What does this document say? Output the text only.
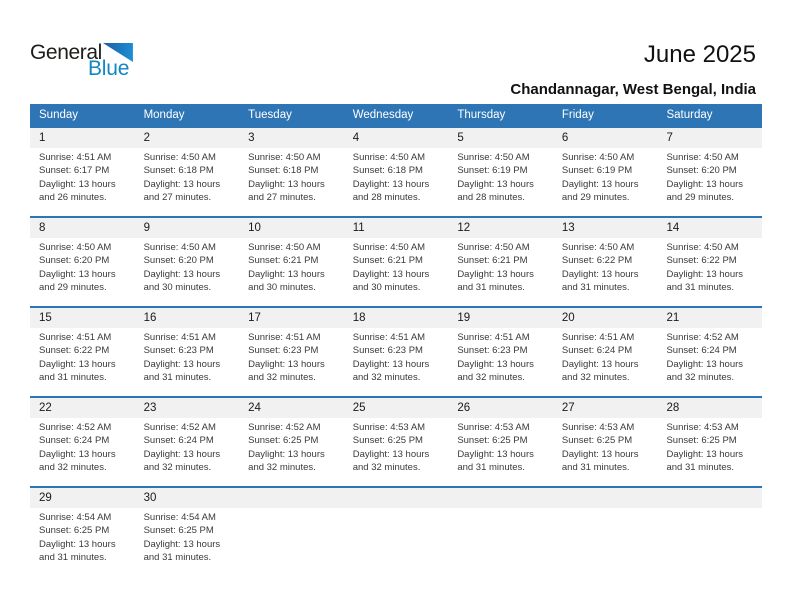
General
Blue
June 2025
Chandannagar, West Bengal, India
Sunday	Monday	Tuesday	Wednesday	Thursday	Friday	Saturday
1	2	3	4	5	6	7
Sunrise: 4:51 AM
Sunset: 6:17 PM
Daylight: 13 hours and 26 minutes.
Sunrise: 4:50 AM
Sunset: 6:18 PM
Daylight: 13 hours and 27 minutes.
Sunrise: 4:50 AM
Sunset: 6:18 PM
Daylight: 13 hours and 27 minutes.
Sunrise: 4:50 AM
Sunset: 6:18 PM
Daylight: 13 hours and 28 minutes.
Sunrise: 4:50 AM
Sunset: 6:19 PM
Daylight: 13 hours and 28 minutes.
Sunrise: 4:50 AM
Sunset: 6:19 PM
Daylight: 13 hours and 29 minutes.
Sunrise: 4:50 AM
Sunset: 6:20 PM
Daylight: 13 hours and 29 minutes.
8	9	10	11	12	13	14
Sunrise: 4:50 AM
Sunset: 6:20 PM
Daylight: 13 hours and 29 minutes.
Sunrise: 4:50 AM
Sunset: 6:20 PM
Daylight: 13 hours and 30 minutes.
Sunrise: 4:50 AM
Sunset: 6:21 PM
Daylight: 13 hours and 30 minutes.
Sunrise: 4:50 AM
Sunset: 6:21 PM
Daylight: 13 hours and 30 minutes.
Sunrise: 4:50 AM
Sunset: 6:21 PM
Daylight: 13 hours and 31 minutes.
Sunrise: 4:50 AM
Sunset: 6:22 PM
Daylight: 13 hours and 31 minutes.
Sunrise: 4:50 AM
Sunset: 6:22 PM
Daylight: 13 hours and 31 minutes.
15	16	17	18	19	20	21
Sunrise: 4:51 AM
Sunset: 6:22 PM
Daylight: 13 hours and 31 minutes.
Sunrise: 4:51 AM
Sunset: 6:23 PM
Daylight: 13 hours and 31 minutes.
Sunrise: 4:51 AM
Sunset: 6:23 PM
Daylight: 13 hours and 32 minutes.
Sunrise: 4:51 AM
Sunset: 6:23 PM
Daylight: 13 hours and 32 minutes.
Sunrise: 4:51 AM
Sunset: 6:23 PM
Daylight: 13 hours and 32 minutes.
Sunrise: 4:51 AM
Sunset: 6:24 PM
Daylight: 13 hours and 32 minutes.
Sunrise: 4:52 AM
Sunset: 6:24 PM
Daylight: 13 hours and 32 minutes.
22	23	24	25	26	27	28
Sunrise: 4:52 AM
Sunset: 6:24 PM
Daylight: 13 hours and 32 minutes.
Sunrise: 4:52 AM
Sunset: 6:24 PM
Daylight: 13 hours and 32 minutes.
Sunrise: 4:52 AM
Sunset: 6:25 PM
Daylight: 13 hours and 32 minutes.
Sunrise: 4:53 AM
Sunset: 6:25 PM
Daylight: 13 hours and 32 minutes.
Sunrise: 4:53 AM
Sunset: 6:25 PM
Daylight: 13 hours and 31 minutes.
Sunrise: 4:53 AM
Sunset: 6:25 PM
Daylight: 13 hours and 31 minutes.
Sunrise: 4:53 AM
Sunset: 6:25 PM
Daylight: 13 hours and 31 minutes.
29	30
Sunrise: 4:54 AM
Sunset: 6:25 PM
Daylight: 13 hours and 31 minutes.
Sunrise: 4:54 AM
Sunset: 6:25 PM
Daylight: 13 hours and 31 minutes.
